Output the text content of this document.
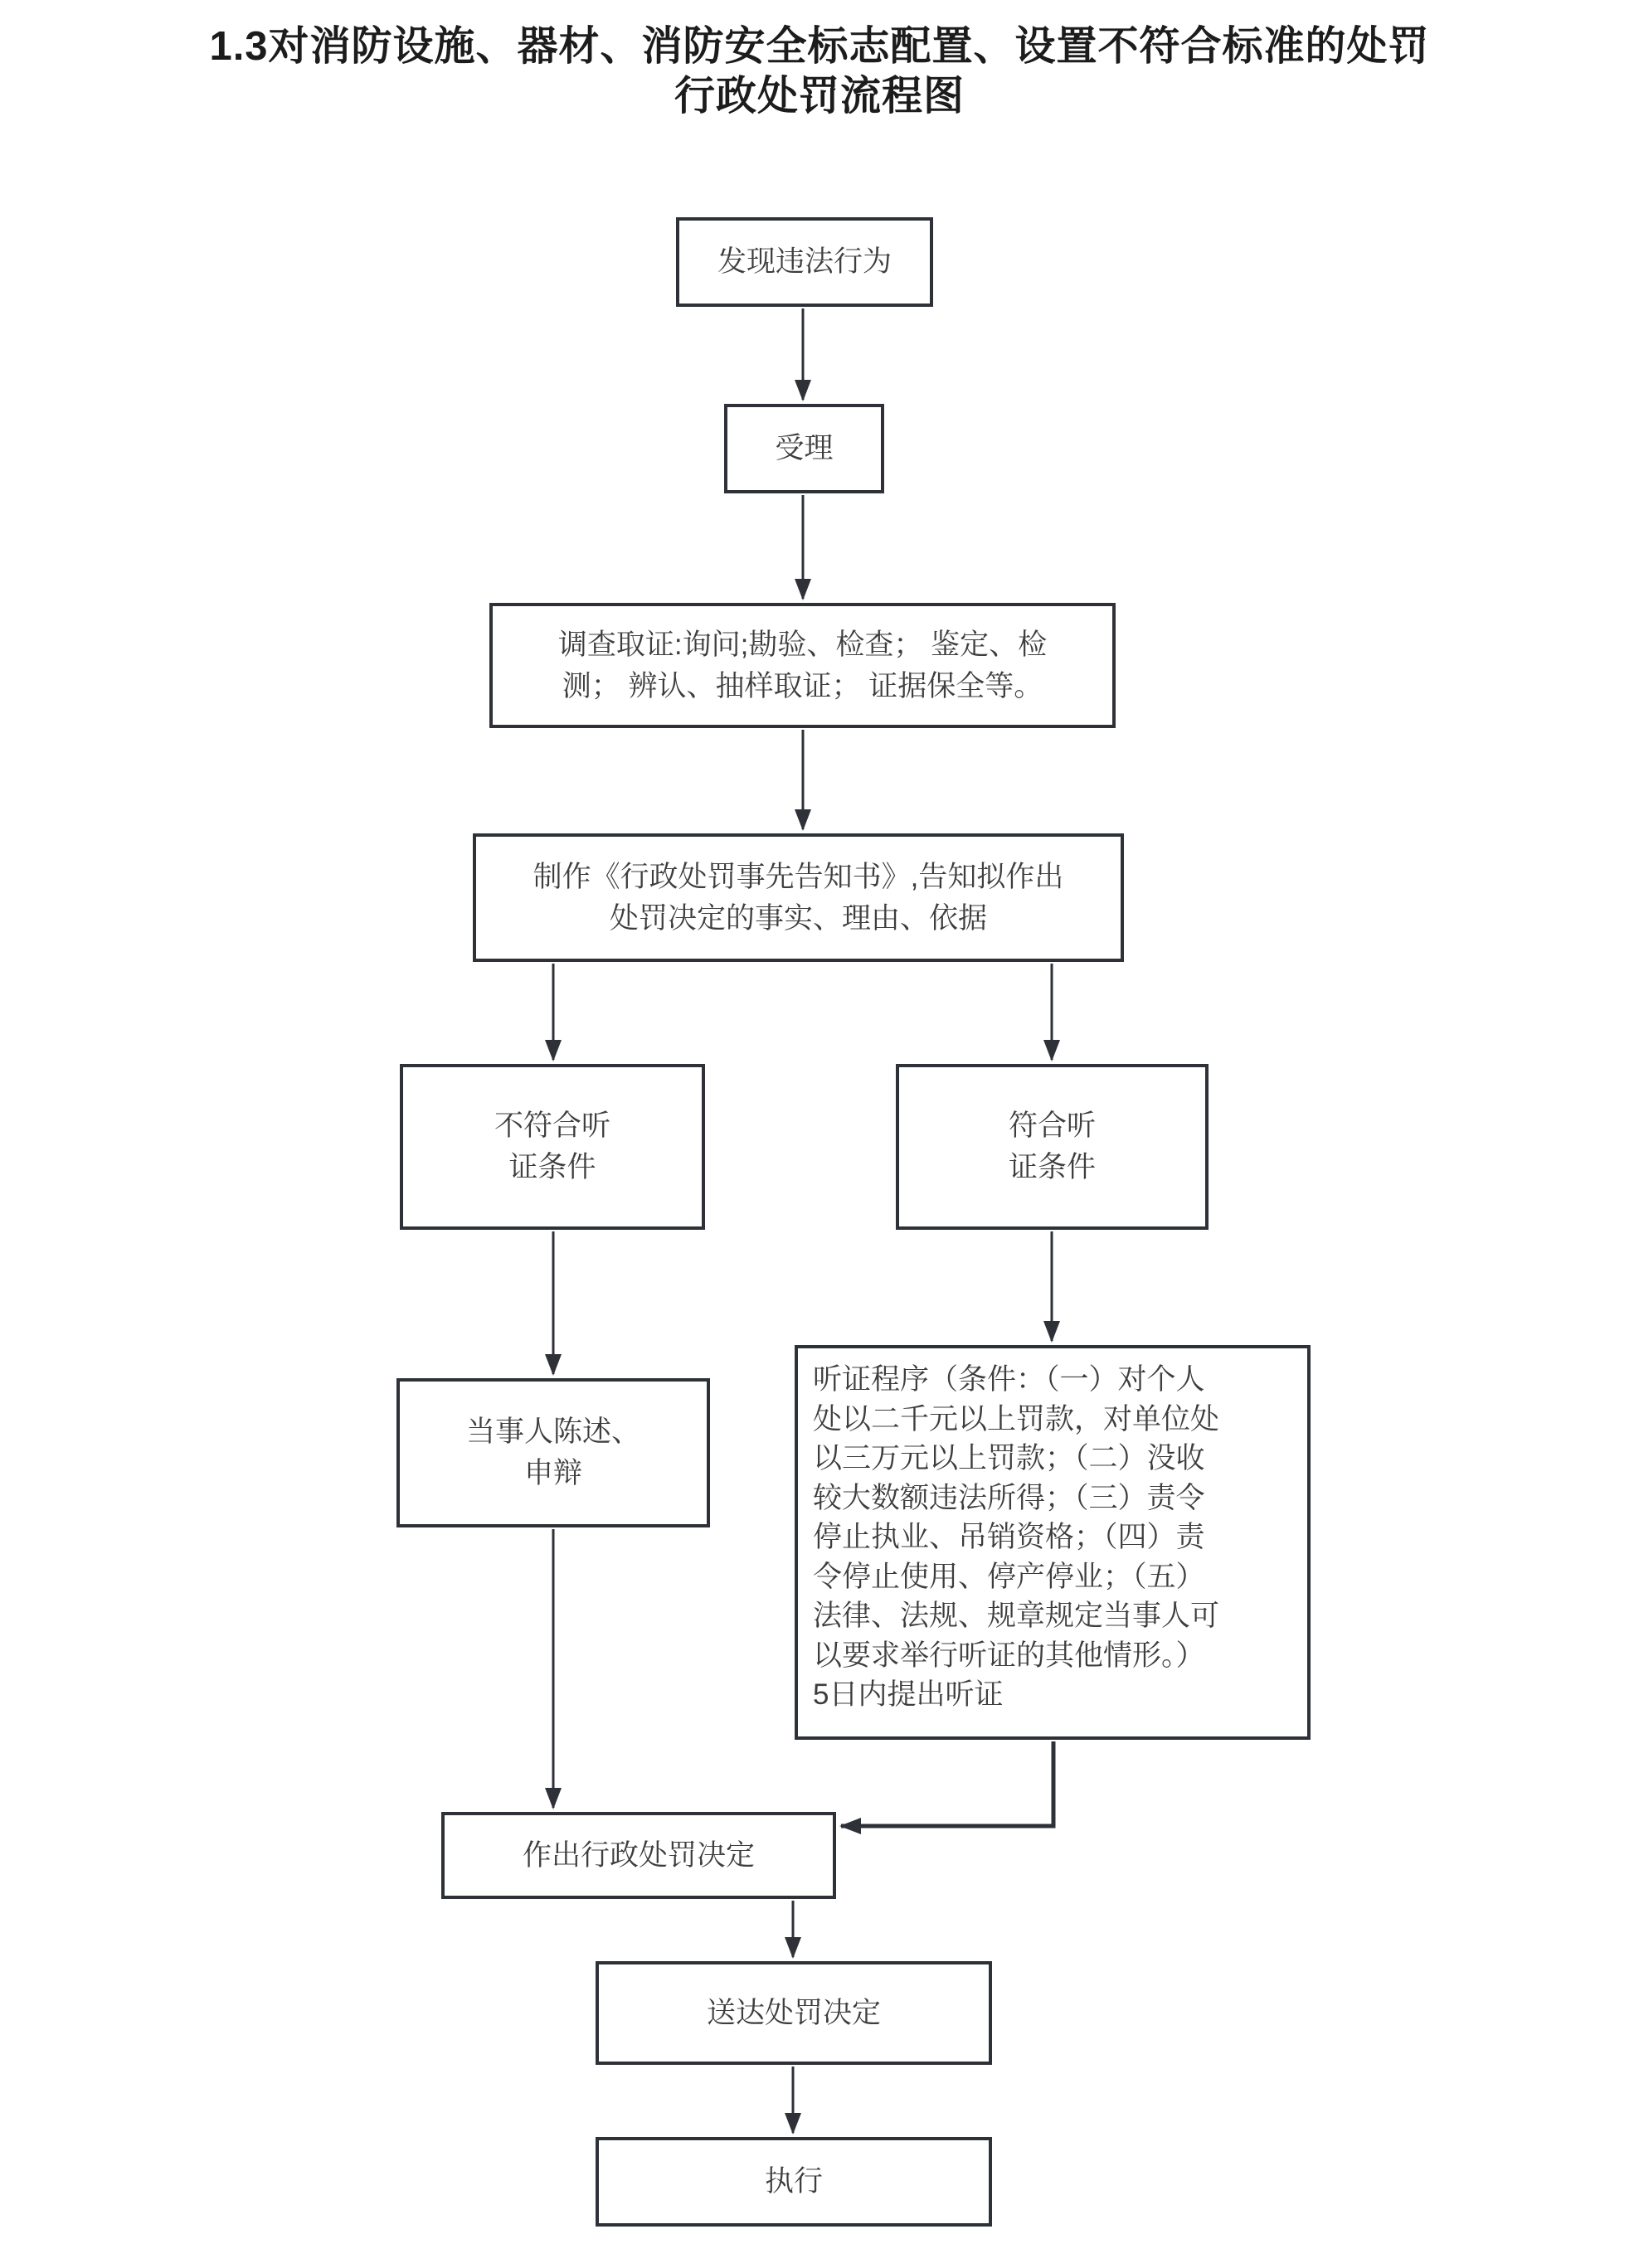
1.3对消防设施、器材、消防安全标志配置、设置不符合标准的处罚
行政处罚流程图
发现违法行为
受理
调查取证:询问;勘验、检查； 鉴定、检
测； 辨认、抽样取证； 证据保全等。
制作《行政处罚事先告知书》,告知拟作出
处罚决定的事实、理由、依据
不符合听
证条件
符合听
证条件
当事人陈述、
申辩
听证程序（条件：（一）对个人
处以二千元以上罚款，对单位处
以三万元以上罚款；（二）没收
较大数额违法所得；（三）责令
停止执业、吊销资格；（四）责
令停止使用、停产停业；（五）
法律、法规、规章规定当事人可
以要求举行听证的其他情形。）
5日内提出听证
作出行政处罚决定
送达处罚决定
执行
